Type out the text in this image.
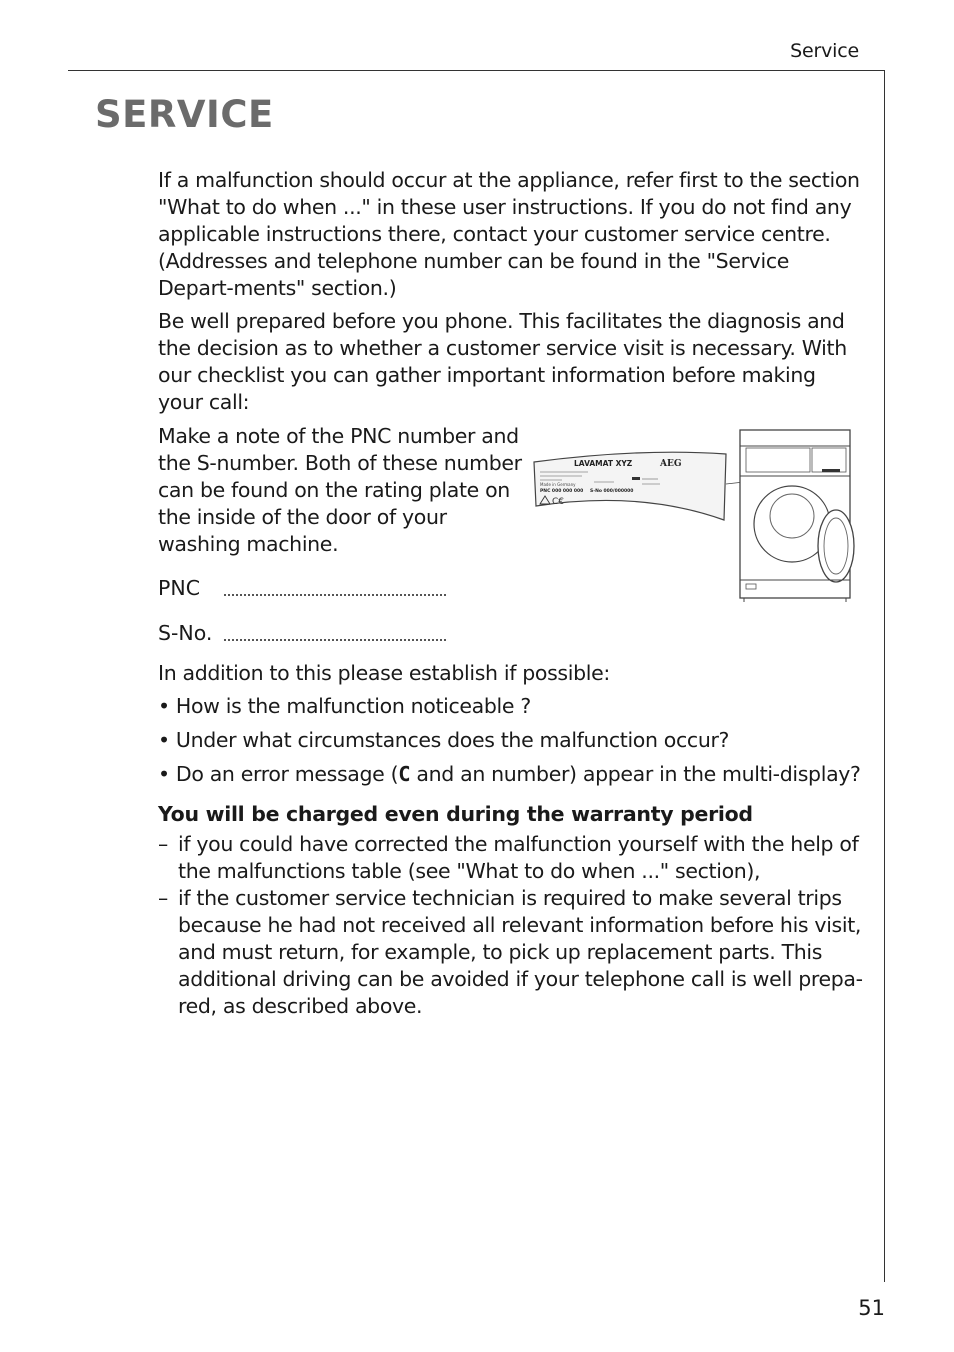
Service
SERVICE
If a malfunction should occur at the appliance, refer first to the section "What to do when ..." in these user instructions. If you do not find any applicable instructions there, contact your customer service centre. (Addresses and telephone number can be found in the "Service Depart-ments" section.)
Be well prepared before you phone. This facilitates the diagnosis and the decision as to whether a customer service visit is necessary. With our checklist you can gather important information before making your call:
Make a note of the PNC number and the S-number. Both of these number can be found on the rating plate on the inside of the door of your washing machine.
PNC
S-No.
In addition to this please establish if possible:
• How is the malfunction noticeable ?
• Under what circumstances does the malfunction occur?
• Do an error message (C and an number) appear in the multi-display?
You will be charged even during the warranty period
– if you could have corrected the malfunction yourself with the help of the malfunctions table (see "What to do when ..." section),
– if the customer service technician is required to make several trips because he had not received all relevant information before his visit, and must return, for example, to pick up replacement parts. This additional driving can be avoided if your telephone call is well prepa-red, as described above.
LAVAMAT XYZ	AEG
Made in Germany
PNC 000 000 000 S-No 000/000000
C€
51
